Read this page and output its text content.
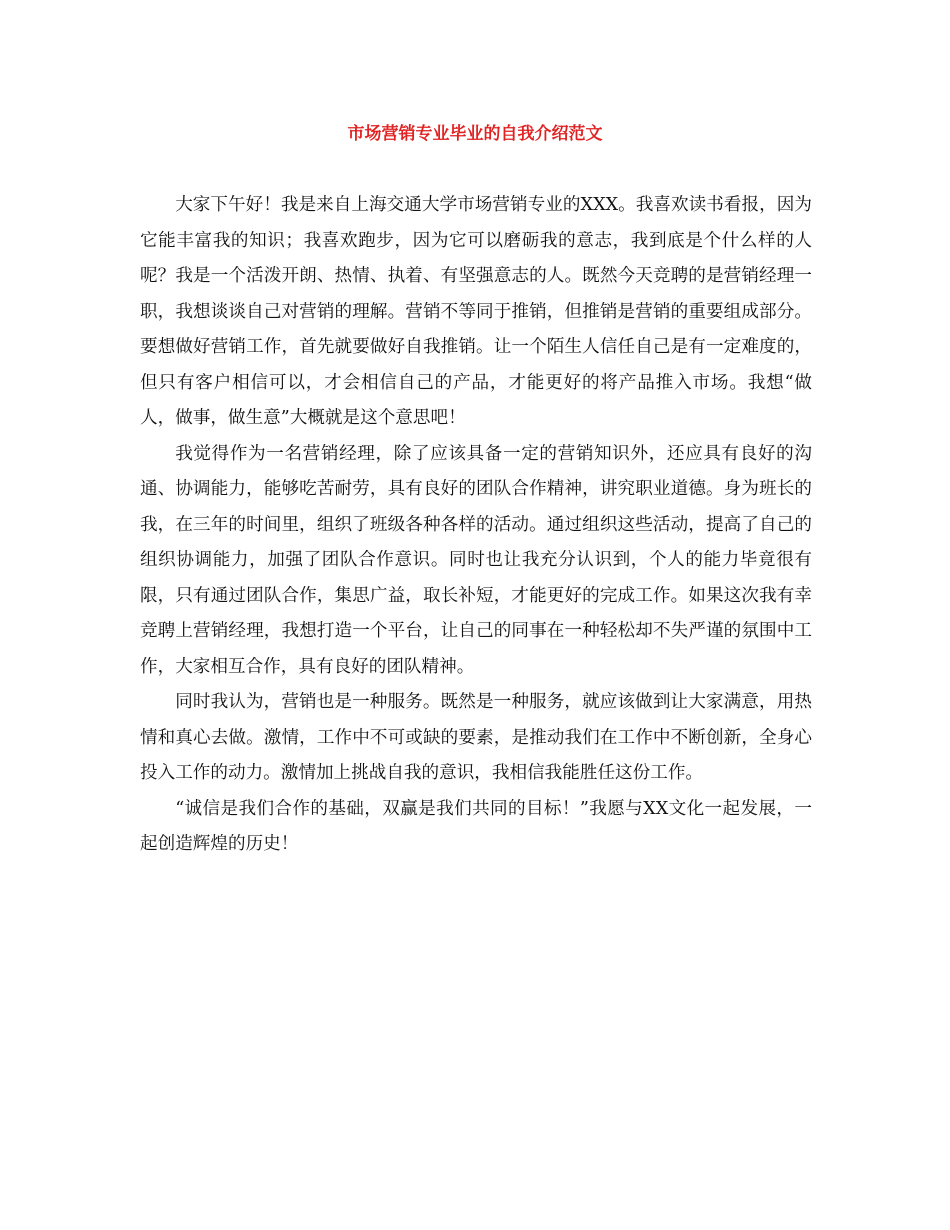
市场营销专业毕业的自我介绍范文

大家下午好！我是来自上海交通大学市场营销专业的XXX。我喜欢读书看报，因为它能丰富我的知识；我喜欢跑步，因为它可以磨砺我的意志，我到底是个什么样的人呢？我是一个活泼开朗、热情、执着、有坚强意志的人。既然今天竞聘的是营销经理一职，我想谈谈自己对营销的理解。营销不等同于推销，但推销是营销的重要组成部分。要想做好营销工作，首先就要做好自我推销。让一个陌生人信任自己是有一定难度的，但只有客户相信可以，才会相信自己的产品，才能更好的将产品推入市场。我想“做人，做事，做生意”大概就是这个意思吧！

我觉得作为一名营销经理，除了应该具备一定的营销知识外，还应具有良好的沟通、协调能力，能够吃苦耐劳，具有良好的团队合作精神，讲究职业道德。身为班长的我，在三年的时间里，组织了班级各种各样的活动。通过组织这些活动，提高了自己的组织协调能力，加强了团队合作意识。同时也让我充分认识到，个人的能力毕竟很有限，只有通过团队合作，集思广益，取长补短，才能更好的完成工作。如果这次我有幸竞聘上营销经理，我想打造一个平台，让自己的同事在一种轻松却不失严谨的氛围中工作，大家相互合作，具有良好的团队精神。

同时我认为，营销也是一种服务。既然是一种服务，就应该做到让大家满意，用热情和真心去做。激情，工作中不可或缺的要素，是推动我们在工作中不断创新，全身心投入工作的动力。激情加上挑战自我的意识，我相信我能胜任这份工作。

“诚信是我们合作的基础，双赢是我们共同的目标！”我愿与XX文化一起发展，一起创造辉煌的历史！
